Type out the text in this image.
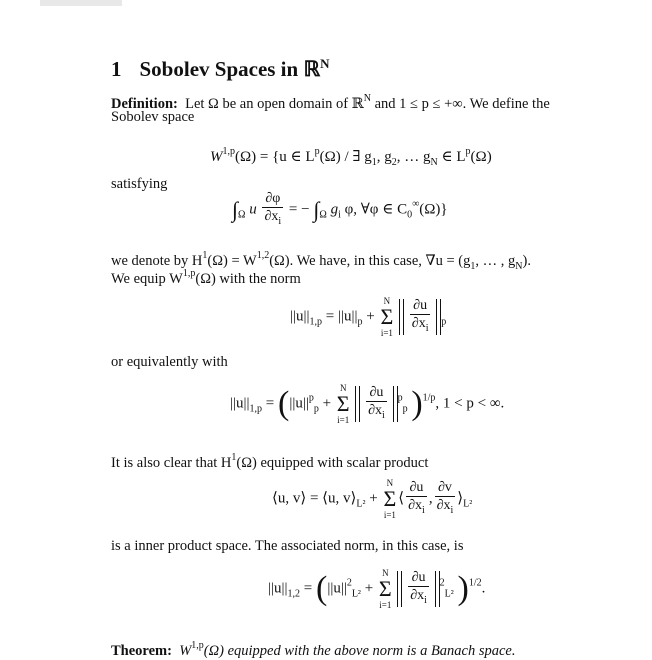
1 Sobolev Spaces in ℝ$^N$
Definition: Let Ω be an open domain of ℝ$^N$ and 1 ≤ p ≤ +∞. We define the
Sobolev space
W$^{1,p}$(Ω) = {u ∈ $L^p(\Omega)$ / ∃ $g_1$, $g_2$, … $g_N$ ∈ $L^p(\Omega)$
satisfying
$\int_\Omega$ u $\frac{\partial\varphi}{\partial x_i}$ = − $\int_\Omega$ $g_i$ φ, ∀φ ∈ $C_0^\infty(\Omega)$}
we denote by $H^1(\Omega) = W^{1,2}(\Omega)$. We have, in this case, $\nabla u = (g_1$, … , $g_N$).
We equip W$^{1,p}$(Ω) with the norm
$||u||_{1,p} = ||u||_p$ +
N
Σ
i=1
$\frac{\partial u}{\partial x_i} _p$
or equivalently with
$||u||_{1,p} = (||u||^p_p$ +
N
Σ
i=1
$\frac{\partial u}{\partial x_i} ^p_p$ )$^{1/p}$, 1 < p < ∞.
It is also clear that $H^1(\Omega)$ equipped with scalar product
⟨u, v⟩ = ⟨u, $v⟩_{L^2}$ +
N
Σ
i=1
⟨ $\frac{\partial u}{\partial x_i}$ , $\frac{\partial v}{\partial x_i}$ $⟩_{L^2}$
is a inner product space. The associated norm, in this case, is
$||u||_{1,2} = (||u||^2_{L^2}$ +
N
Σ
i=1
$\frac{\partial u}{\partial x_i} ^2_{L^2}$ )$^{1/2}$.
Theorem: W$^{1,p}$(Ω) equipped with the above norm is a Banach space.
